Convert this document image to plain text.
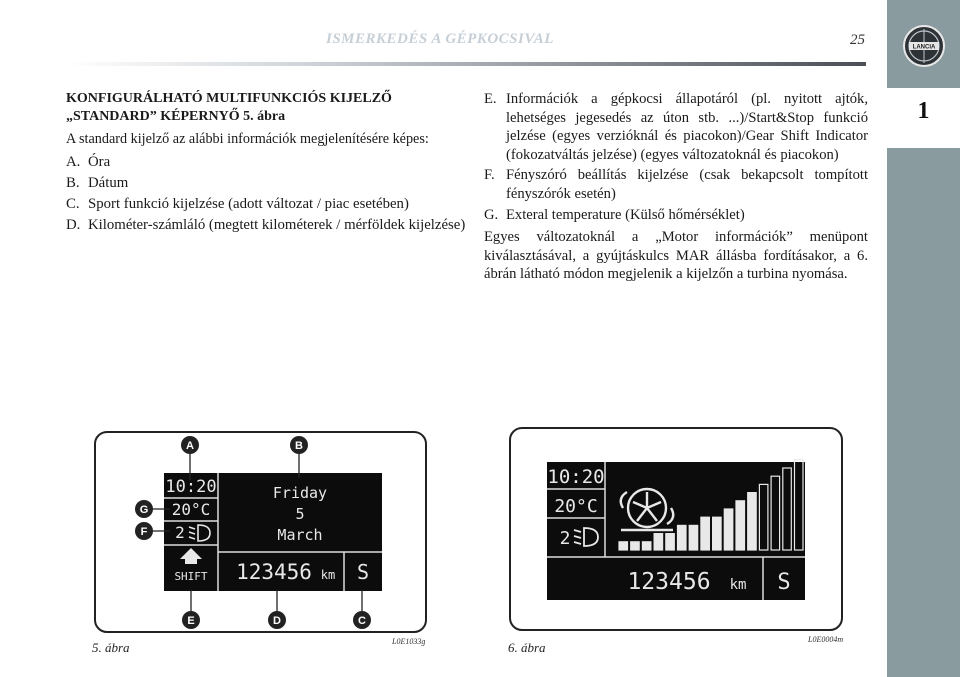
1
LANCIA
ISMERKEDÉS A GÉPKOCSIVAL	25
KONFIGURÁLHATÓ MULTIFUNKCIÓS KIJELZŐ
„STANDARD” KÉPERNYŐ 5. ábra
A standard kijelző az alábbi információk megjelenítésére képes:
A. Óra
B. Dátum
C. Sport funkció kijelzése (adott változat / piac esetében)
D. Kilométer-számláló (megtett kilométerek / mérföldek kijelzése)
E. Információk a gépkocsi állapotáról (pl. nyitott ajtók, lehetséges jegesedés az úton stb. ...)/Start&Stop funkció jelzése (egyes verzióknál és piacokon)/Gear Shift Indicator (fokozatváltás jelzése) (egyes változatoknál és piacokon)
F. Fényszóró beállítás kijelzése (csak bekapcsolt tompított fényszórók esetén)
G. Exteral temperature (Külső hőmérséklet)
Egyes változatoknál a „Motor információk” menüpont kiválasztásával, a gyújtáskulcs MAR állásba fordításakor, a 6. ábrán látható módon megjelenik a kijelzőn a turbina nyomása.
10:20
20°C
2
SHIFT
Friday
5
March
123456 km S
A	B
G
F
E	D	C
5. ábra	L0E1033g
10:20
20°C
2
123456 km S
6. ábra
L0E0004m
